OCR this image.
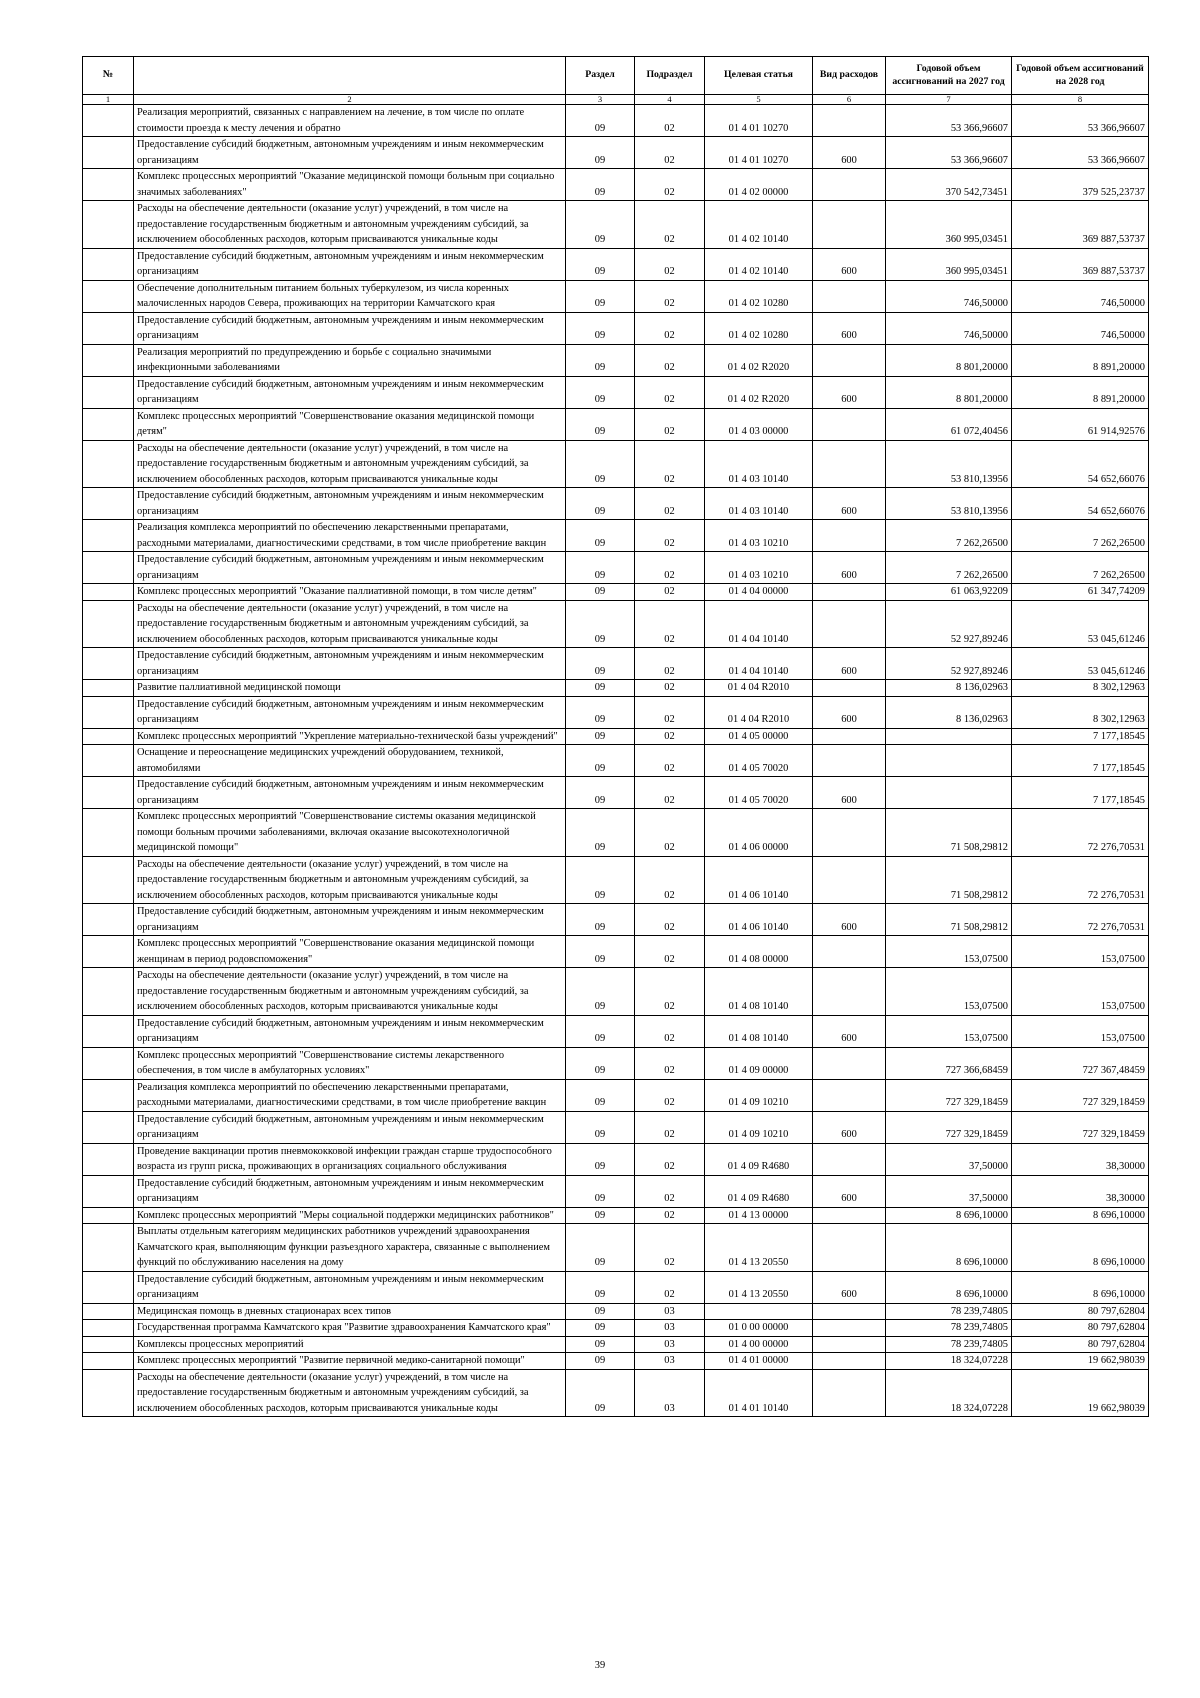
№		Раздел	Подраздел	Целевая статья	Вид расходов	Годовой объем ассигнований на 2027 год	Годовой объем ассигнований на 2028 год
1	2	3	4	5	6	7	8
	Реализация мероприятий, связанных с направлением на лечение, в том числе по оплате стоимости проезда к месту лечения и обратно	09	02	01 4 01 10270		53 366,96607	53 366,96607
	Предоставление субсидий бюджетным, автономным учреждениям и иным некоммерческим организациям	09	02	01 4 01 10270	600	53 366,96607	53 366,96607
	Комплекс процессных мероприятий "Оказание медицинской помощи больным при социально значимых заболеваниях"	09	02	01 4 02 00000		370 542,73451	379 525,23737
	Расходы на обеспечение деятельности (оказание услуг) учреждений, в том числе на предоставление государственным бюджетным и автономным учреждениям субсидий, за исключением обособленных расходов, которым присваиваются уникальные коды	09	02	01 4 02 10140		360 995,03451	369 887,53737
	Предоставление субсидий бюджетным, автономным учреждениям и иным некоммерческим организациям	09	02	01 4 02 10140	600	360 995,03451	369 887,53737
	Обеспечение дополнительным питанием больных туберкулезом, из числа коренных малочисленных народов Севера, проживающих на территории Камчатского края	09	02	01 4 02 10280		746,50000	746,50000
	Предоставление субсидий бюджетным, автономным учреждениям и иным некоммерческим организациям	09	02	01 4 02 10280	600	746,50000	746,50000
	Реализация мероприятий по предупреждению и борьбе с социально значимыми инфекционными заболеваниями	09	02	01 4 02 R2020		8 801,20000	8 891,20000
	Предоставление субсидий бюджетным, автономным учреждениям и иным некоммерческим организациям	09	02	01 4 02 R2020	600	8 801,20000	8 891,20000
	Комплекс процессных мероприятий "Совершенствование оказания медицинской помощи детям"	09	02	01 4 03 00000		61 072,40456	61 914,92576
	Расходы на обеспечение деятельности (оказание услуг) учреждений, в том числе на предоставление государственным бюджетным и автономным учреждениям субсидий, за исключением обособленных расходов, которым присваиваются уникальные коды	09	02	01 4 03 10140		53 810,13956	54 652,66076
	Предоставление субсидий бюджетным, автономным учреждениям и иным некоммерческим организациям	09	02	01 4 03 10140	600	53 810,13956	54 652,66076
	Реализация комплекса мероприятий по обеспечению лекарственными препаратами, расходными материалами, диагностическими средствами, в том числе приобретение вакцин	09	02	01 4 03 10210		7 262,26500	7 262,26500
	Предоставление субсидий бюджетным, автономным учреждениям и иным некоммерческим организациям	09	02	01 4 03 10210	600	7 262,26500	7 262,26500
	Комплекс процессных мероприятий "Оказание паллиативной помощи, в том числе детям"	09	02	01 4 04 00000		61 063,92209	61 347,74209
	Расходы на обеспечение деятельности (оказание услуг) учреждений, в том числе на предоставление государственным бюджетным и автономным учреждениям субсидий, за исключением обособленных расходов, которым присваиваются уникальные коды	09	02	01 4 04 10140		52 927,89246	53 045,61246
	Предоставление субсидий бюджетным, автономным учреждениям и иным некоммерческим организациям	09	02	01 4 04 10140	600	52 927,89246	53 045,61246
	Развитие паллиативной медицинской помощи	09	02	01 4 04 R2010		8 136,02963	8 302,12963
	Предоставление субсидий бюджетным, автономным учреждениям и иным некоммерческим организациям	09	02	01 4 04 R2010	600	8 136,02963	8 302,12963
	Комплекс процессных мероприятий "Укрепление материально-технической базы учреждений"	09	02	01 4 05 00000			7 177,18545
	Оснащение и переоснащение медицинских учреждений оборудованием, техникой, автомобилями	09	02	01 4 05 70020			7 177,18545
	Предоставление субсидий бюджетным, автономным учреждениям и иным некоммерческим организациям	09	02	01 4 05 70020	600		7 177,18545
	Комплекс процессных мероприятий "Совершенствование системы оказания медицинской помощи больным прочими заболеваниями, включая оказание высокотехнологичной медицинской помощи"	09	02	01 4 06 00000		71 508,29812	72 276,70531
	Расходы на обеспечение деятельности (оказание услуг) учреждений, в том числе на предоставление государственным бюджетным и автономным учреждениям субсидий, за исключением обособленных расходов, которым присваиваются уникальные коды	09	02	01 4 06 10140		71 508,29812	72 276,70531
	Предоставление субсидий бюджетным, автономным учреждениям и иным некоммерческим организациям	09	02	01 4 06 10140	600	71 508,29812	72 276,70531
	Комплекс процессных мероприятий "Совершенствование оказания медицинской помощи женщинам в период родовспоможения"	09	02	01 4 08 00000		153,07500	153,07500
	Расходы на обеспечение деятельности (оказание услуг) учреждений, в том числе на предоставление государственным бюджетным и автономным учреждениям субсидий, за исключением обособленных расходов, которым присваиваются уникальные коды	09	02	01 4 08 10140		153,07500	153,07500
	Предоставление субсидий бюджетным, автономным учреждениям и иным некоммерческим организациям	09	02	01 4 08 10140	600	153,07500	153,07500
	Комплекс процессных мероприятий "Совершенствование системы лекарственного обеспечения, в том числе в амбулаторных условиях"	09	02	01 4 09 00000		727 366,68459	727 367,48459
	Реализация комплекса мероприятий по обеспечению лекарственными препаратами, расходными материалами, диагностическими средствами, в том числе приобретение вакцин	09	02	01 4 09 10210		727 329,18459	727 329,18459
	Предоставление субсидий бюджетным, автономным учреждениям и иным некоммерческим организациям	09	02	01 4 09 10210	600	727 329,18459	727 329,18459
	Проведение вакцинации против пневмококковой инфекции граждан старше трудоспособного возраста из групп риска, проживающих в организациях социального обслуживания	09	02	01 4 09 R4680		37,50000	38,30000
	Предоставление субсидий бюджетным, автономным учреждениям и иным некоммерческим организациям	09	02	01 4 09 R4680	600	37,50000	38,30000
	Комплекс процессных мероприятий "Меры социальной поддержки медицинских работников"	09	02	01 4 13 00000		8 696,10000	8 696,10000
	Выплаты отдельным категориям медицинских работников учреждений здравоохранения Камчатского края, выполняющим функции разъездного характера, связанные с выполнением функций по обслуживанию населения на дому	09	02	01 4 13 20550		8 696,10000	8 696,10000
	Предоставление субсидий бюджетным, автономным учреждениям и иным некоммерческим организациям	09	02	01 4 13 20550	600	8 696,10000	8 696,10000
	Медицинская помощь в дневных стационарах всех типов	09	03			78 239,74805	80 797,62804
	Государственная программа Камчатского края "Развитие здравоохранения Камчатского края"	09	03	01 0 00 00000		78 239,74805	80 797,62804
	Комплексы процессных мероприятий	09	03	01 4 00 00000		78 239,74805	80 797,62804
	Комплекс процессных мероприятий "Развитие первичной медико-санитарной помощи"	09	03	01 4 01 00000		18 324,07228	19 662,98039
	Расходы на обеспечение деятельности (оказание услуг) учреждений, в том числе на предоставление государственным бюджетным и автономным учреждениям субсидий, за исключением обособленных расходов, которым присваиваются уникальные коды	09	03	01 4 01 10140		18 324,07228	19 662,98039
39
